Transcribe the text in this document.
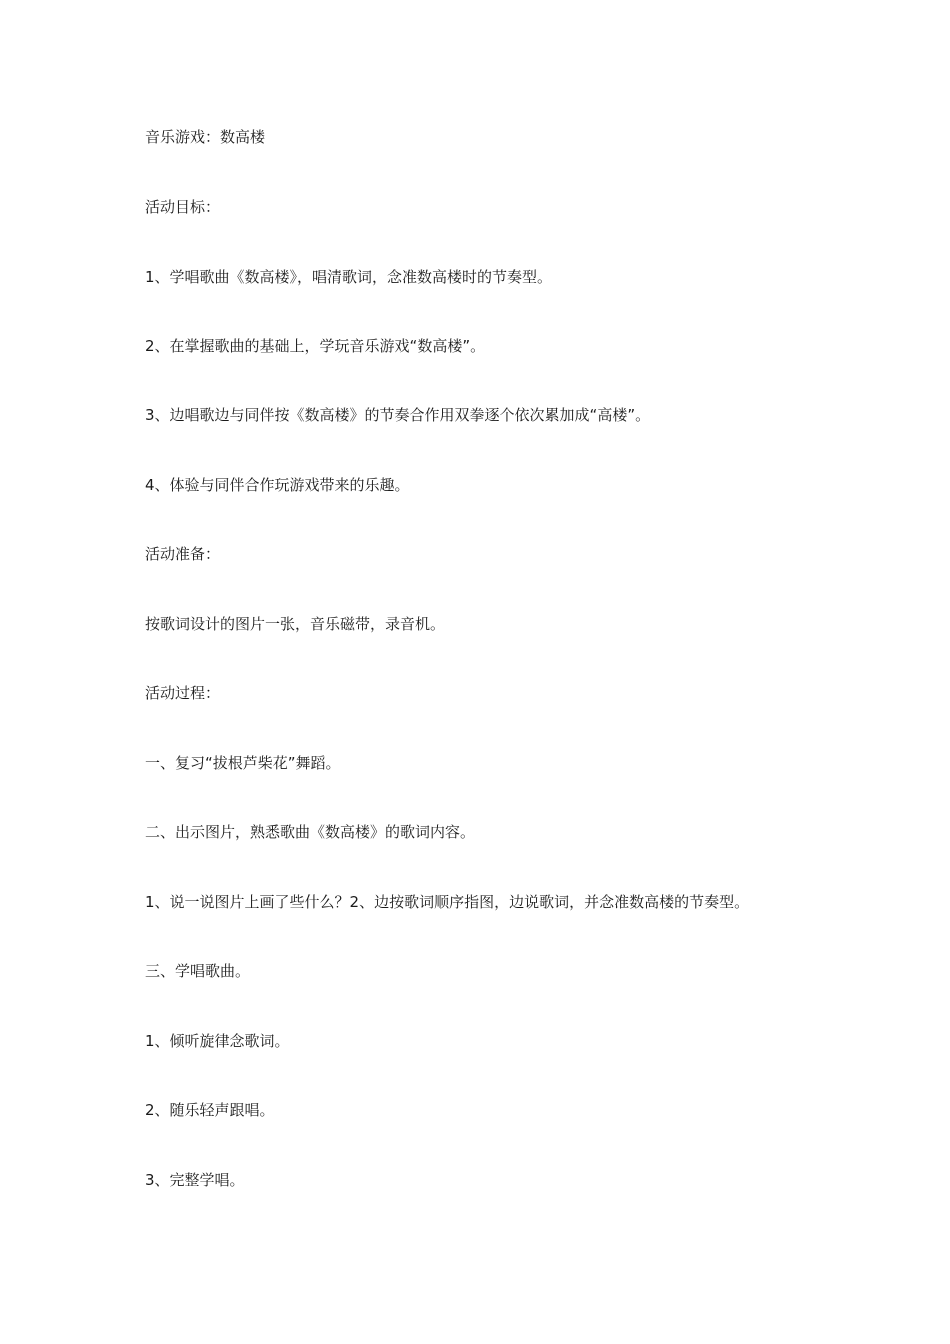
音乐游戏：数高楼

活动目标：

1、学唱歌曲《数高楼》，唱清歌词，念准数高楼时的节奏型。

2、在掌握歌曲的基础上，学玩音乐游戏“数高楼”。

3、边唱歌边与同伴按《数高楼》的节奏合作用双拳逐个依次累加成“高楼”。

4、体验与同伴合作玩游戏带来的乐趣。

活动准备：

按歌词设计的图片一张，音乐磁带，录音机。

活动过程：

一、复习“拔根芦柴花”舞蹈。

二、出示图片，熟悉歌曲《数高楼》的歌词内容。

1、说一说图片上画了些什么？2、边按歌词顺序指图，边说歌词，并念准数高楼的节奏型。

三、学唱歌曲。

1、倾听旋律念歌词。

2、随乐轻声跟唱。

3、完整学唱。
